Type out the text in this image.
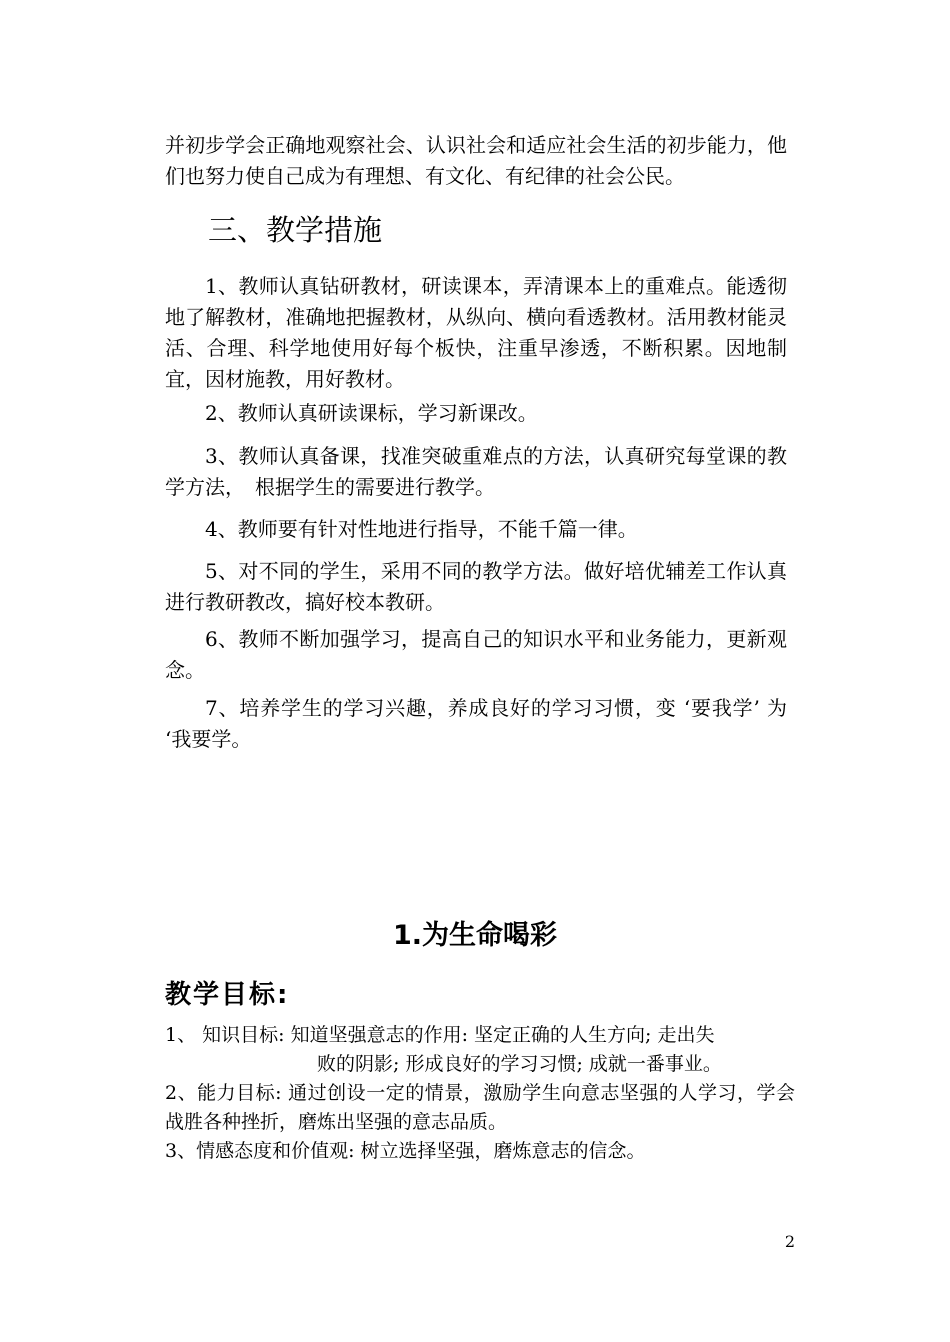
并初步学会正确地观察社会、认识社会和适应社会生活的初步能力，他们也努力使自己成为有理想、有文化、有纪律的社会公民。

三、教学措施

1、教师认真钻研教材，研读课本，弄清课本上的重难点。能透彻地了解教材，准确地把握教材，从纵向、横向看透教材。活用教材能灵活、合理、科学地使用好每个板快，注重早渗透，不断积累。因地制宜，因材施教，用好教材。

2、教师认真研读课标，学习新课改。

3、教师认真备课，找准突破重难点的方法，认真研究每堂课的教学方法，　根据学生的需要进行教学。

4、教师要有针对性地进行指导，不能千篇一律。

5、对不同的学生，采用不同的教学方法。做好培优辅差工作认真进行教研教改，搞好校本教研。

6、教师不断加强学习，提高自己的知识水平和业务能力，更新观念。

7、培养学生的学习兴趣，养成良好的学习习惯，变 ‘要我学’ 为 ‘我要学。

1.为生命喝彩
教学目标:

1、 知识目标: 知道坚强意志的作用: 坚定正确的人生方向; 走出失

败的阴影; 形成良好的学习习惯; 成就一番事业。

2、能力目标: 通过创设一定的情景，激励学生向意志坚强的人学习，学会战胜各种挫折，磨炼出坚强的意志品质。

3、情感态度和价值观: 树立选择坚强，磨炼意志的信念。

2
